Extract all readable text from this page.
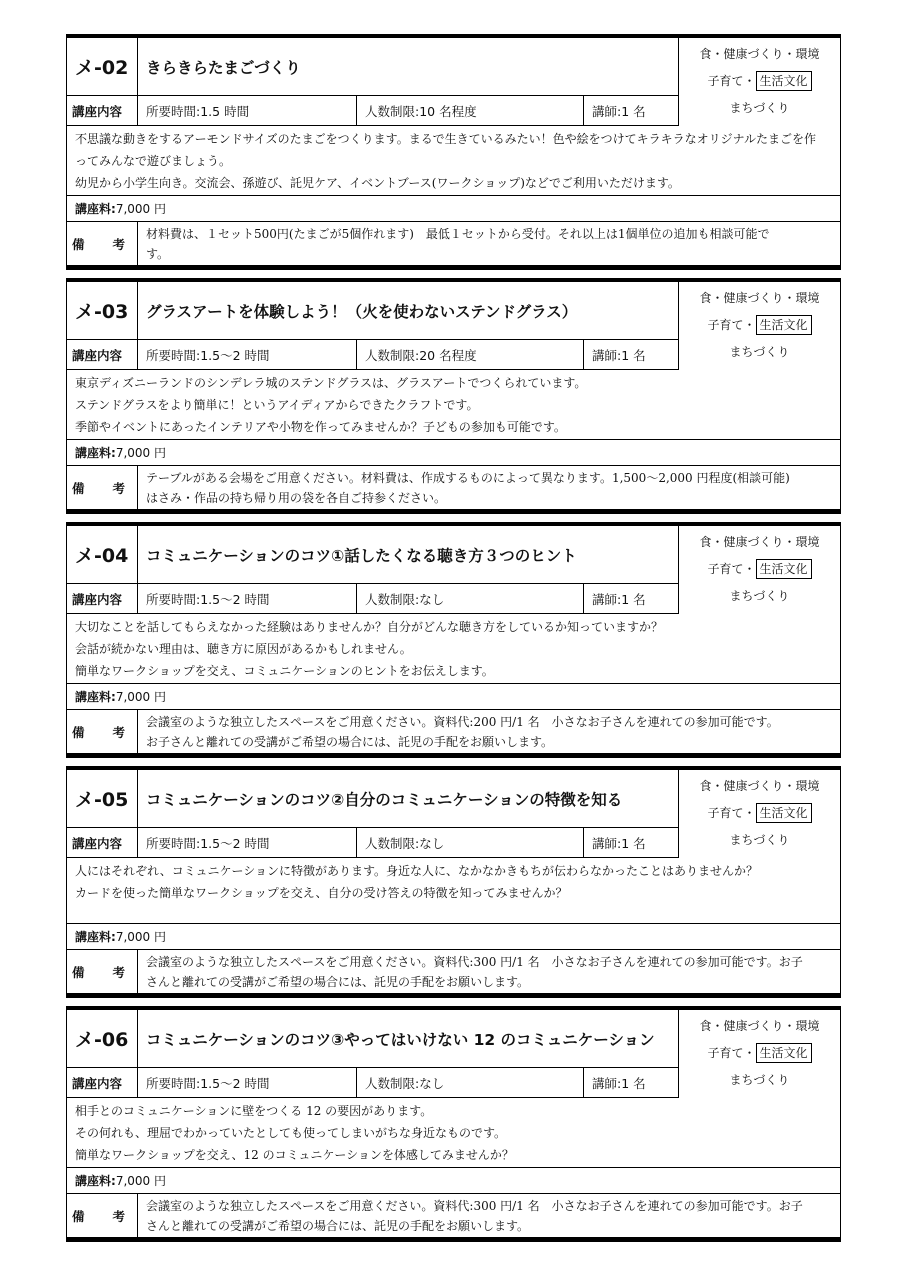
メ-02	きらきらたまごづくり
講座内容	所要時間: 1.5 時間	人数制限: 10 名程度	講師: 1 名
不思議な動きをするアーモンドサイズのたまごをつくります。まるで生きているみたい！色や絵をつけてキラキラなオリジナルたまごを作
ってみんなで遊びましょう。
幼児から小学生向き。交流会、孫遊び、託児ケア、イベントブース(ワークショップ)などでご利用いただけます。
講座料: 7,000 円
備 考
材料費は、１セット500円(たまごが5個作れます)　最低１セットから受付。それ以上は1個単位の追加も相談可能で
す。
食・健康づくり・環境
子育て・ 生活文化
まちづくり
メ-03	グラスアートを体験しよう！（火を使わないステンドグラス）
講座内容	所要時間: 1.5〜2 時間	人数制限: 20 名程度	講師: 1 名
東京ディズニーランドのシンデレラ城のステンドグラスは、グラスアートでつくられています。
ステンドグラスをより簡単に！というアイディアからできたクラフトです。
季節やイベントにあったインテリアや小物を作ってみませんか？子どもの参加も可能です。
講座料: 7,000 円
備 考
テーブルがある会場をご用意ください。材料費は、作成するものによって異なります。1,500〜2,000 円程度(相談可能)
はさみ・作品の持ち帰り用の袋を各自ご持参ください。
食・健康づくり・環境
子育て・ 生活文化
まちづくり
メ-04	コミュニケーションのコツ①話したくなる聴き方３つのヒント
講座内容	所要時間: 1.5〜2 時間	人数制限: なし	講師: 1 名
大切なことを話してもらえなかった経験はありませんか？自分がどんな聴き方をしているか知っていますか？
会話が続かない理由は、聴き方に原因があるかもしれません。
簡単なワークショップを交え、コミュニケーションのヒントをお伝えします。
講座料: 7,000 円
備 考
会議室のような独立したスペースをご用意ください。資料代:200 円/1 名　小さなお子さんを連れての参加可能です。
お子さんと離れての受講がご希望の場合には、託児の手配をお願いします。
食・健康づくり・環境
子育て・ 生活文化
まちづくり
メ-05	コミュニケーションのコツ②自分のコミュニケーションの特徴を知る
講座内容	所要時間: 1.5〜2 時間	人数制限: なし	講師: 1 名
人にはそれぞれ、コミュニケーションに特徴があります。身近な人に、なかなかきもちが伝わらなかったことはありませんか？
カードを使った簡単なワークショップを交え、自分の受け答えの特徴を知ってみませんか？
講座料: 7,000 円
備 考
会議室のような独立したスペースをご用意ください。資料代:300 円/1 名　小さなお子さんを連れての参加可能です。お子
さんと離れての受講がご希望の場合には、託児の手配をお願いします。
食・健康づくり・環境
子育て・ 生活文化
まちづくり
メ-06	コミュニケーションのコツ③やってはいけない 12 のコミュニケーション
講座内容	所要時間: 1.5〜2 時間	人数制限: なし	講師: 1 名
相手とのコミュニケーションに壁をつくる 12 の要因があります。
その何れも、理屈でわかっていたとしても使ってしまいがちな身近なものです。
簡単なワークショップを交え、12 のコミュニケーションを体感してみませんか？
講座料: 7,000 円
備 考
会議室のような独立したスペースをご用意ください。資料代:300 円/1 名　小さなお子さんを連れての参加可能です。お子
さんと離れての受講がご希望の場合には、託児の手配をお願いします。
食・健康づくり・環境
子育て・ 生活文化
まちづくり
